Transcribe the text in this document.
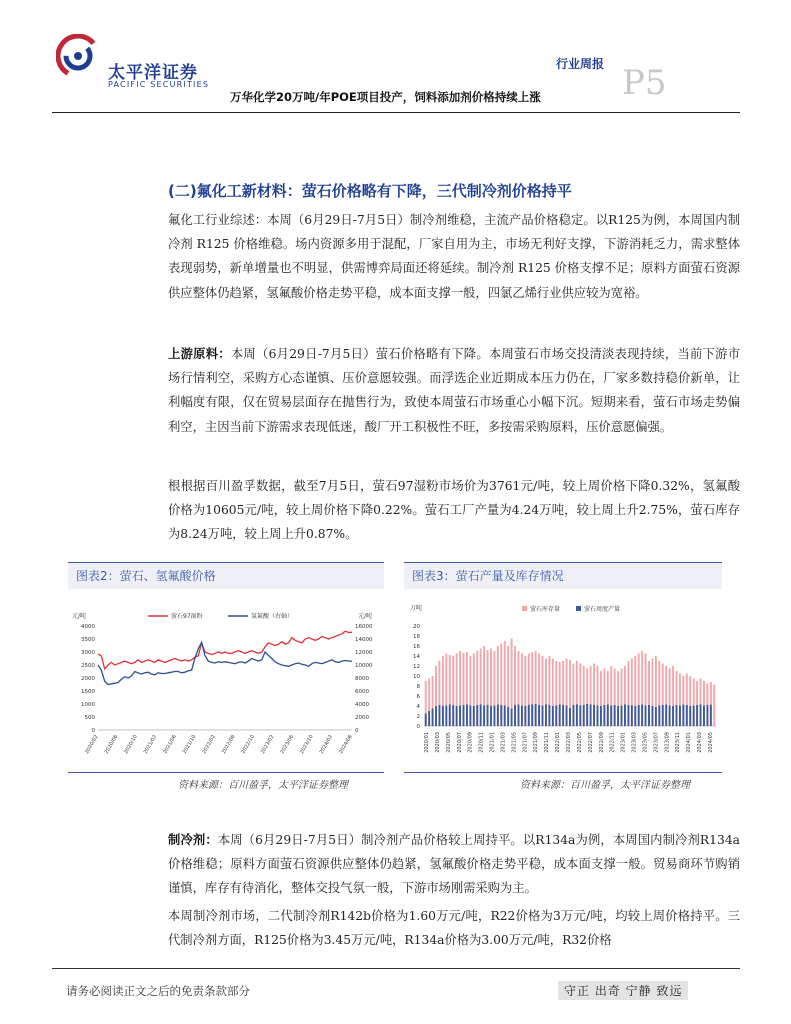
太平洋证券
PACIFIC SECURITIES
行业周报
万华化学20万吨/年POE项目投产，饲料添加剂价格持续上涨 P5
(二)氟化工新材料：萤石价格略有下降，三代制冷剂价格持平
氟化工行业综述：本周（6月29日-7月5日）制冷剂维稳，主流产品价格稳定。以R125为例，本周国内制冷剂 R125 价格维稳。场内资源多用于混配，厂家自用为主，市场无利好支撑，下游消耗乏力，需求整体表现弱势，新单增量也不明显，供需博弈局面还将延续。制冷剂 R125 价格支撑不足；原料方面萤石资源供应整体仍趋紧，氢氟酸价格走势平稳，成本面支撑一般，四氯乙烯行业供应较为宽裕。
上游原料：本周（6月29日-7月5日）萤石价格略有下降。本周萤石市场交投清淡表现持续，当前下游市场行情利空，采购方心态谨慎、压价意愿较强。而浮选企业近期成本压力仍在，厂家多数持稳价新单，让利幅度有限，仅在贸易层面存在抛售行为，致使本周萤石市场重心小幅下沉。短期来看，萤石市场走势偏利空，主因当前下游需求表现低迷，酸厂开工积极性不旺，多按需采购原料，压价意愿偏强。
根根据百川盈孚数据，截至7月5日，萤石97湿粉市场价为3761元/吨，较上周价格下降0.32%，氢氟酸价格为10605元/吨，较上周价格下降0.22%。萤石工厂产量为4.24万吨，较上周上升2.75%，萤石库存为8.24万吨，较上周上升0.87%。
图表2：萤石、氢氟酸价格
元/吨	元/吨
萤石97湿粉	氢氟酸（右轴）
0
500
1000
1500
2000
2500
3000
3500
4000
0
2000
4000
6000
8000
10000
12000
14000
16000
2020/02 2020/06 2020/10 2021/02 2021/06 2021/10 2022/02 2022/06 2022/10 2023/02 2023/06 2023/10 2024/02 2024/06
资料来源：百川盈孚，太平洋证券整理
图表3：萤石产量及库存情况
万吨	萤石库存量	萤石周度产量
0
2
4
6
8
10
12
14
16
18
20
2020/01 2020/03 2020/05 2020/07 2020/09 2020/11 2021/01 2021/03 2021/05 2021/07 2021/09 2021/11 2022/01 2022/03 2022/05 2022/07 2022/09 2022/11 2023/01 2023/03 2023/05 2023/07 2023/09 2023/11 2024/01 2024/03 2024/05
资料来源：百川盈孚，太平洋证券整理
制冷剂：本周（6月29日-7月5日）制冷剂产品价格较上周持平。以R134a为例，本周国内制冷剂R134a价格维稳；原料方面萤石资源供应整体仍趋紧，氢氟酸价格走势平稳，成本面支撑一般。贸易商环节购销谨慎，库存有待消化，整体交投气氛一般，下游市场刚需采购为主。
本周制冷剂市场，二代制冷剂R142b价格为1.60万元/吨，R22价格为3万元/吨，均较上周价格持平。三代制冷剂方面，R125价格为3.45万元/吨，R134a价格为3.00万元/吨，R32价格
请务必阅读正文之后的免责条款部分	守正 出奇 宁静 致远
